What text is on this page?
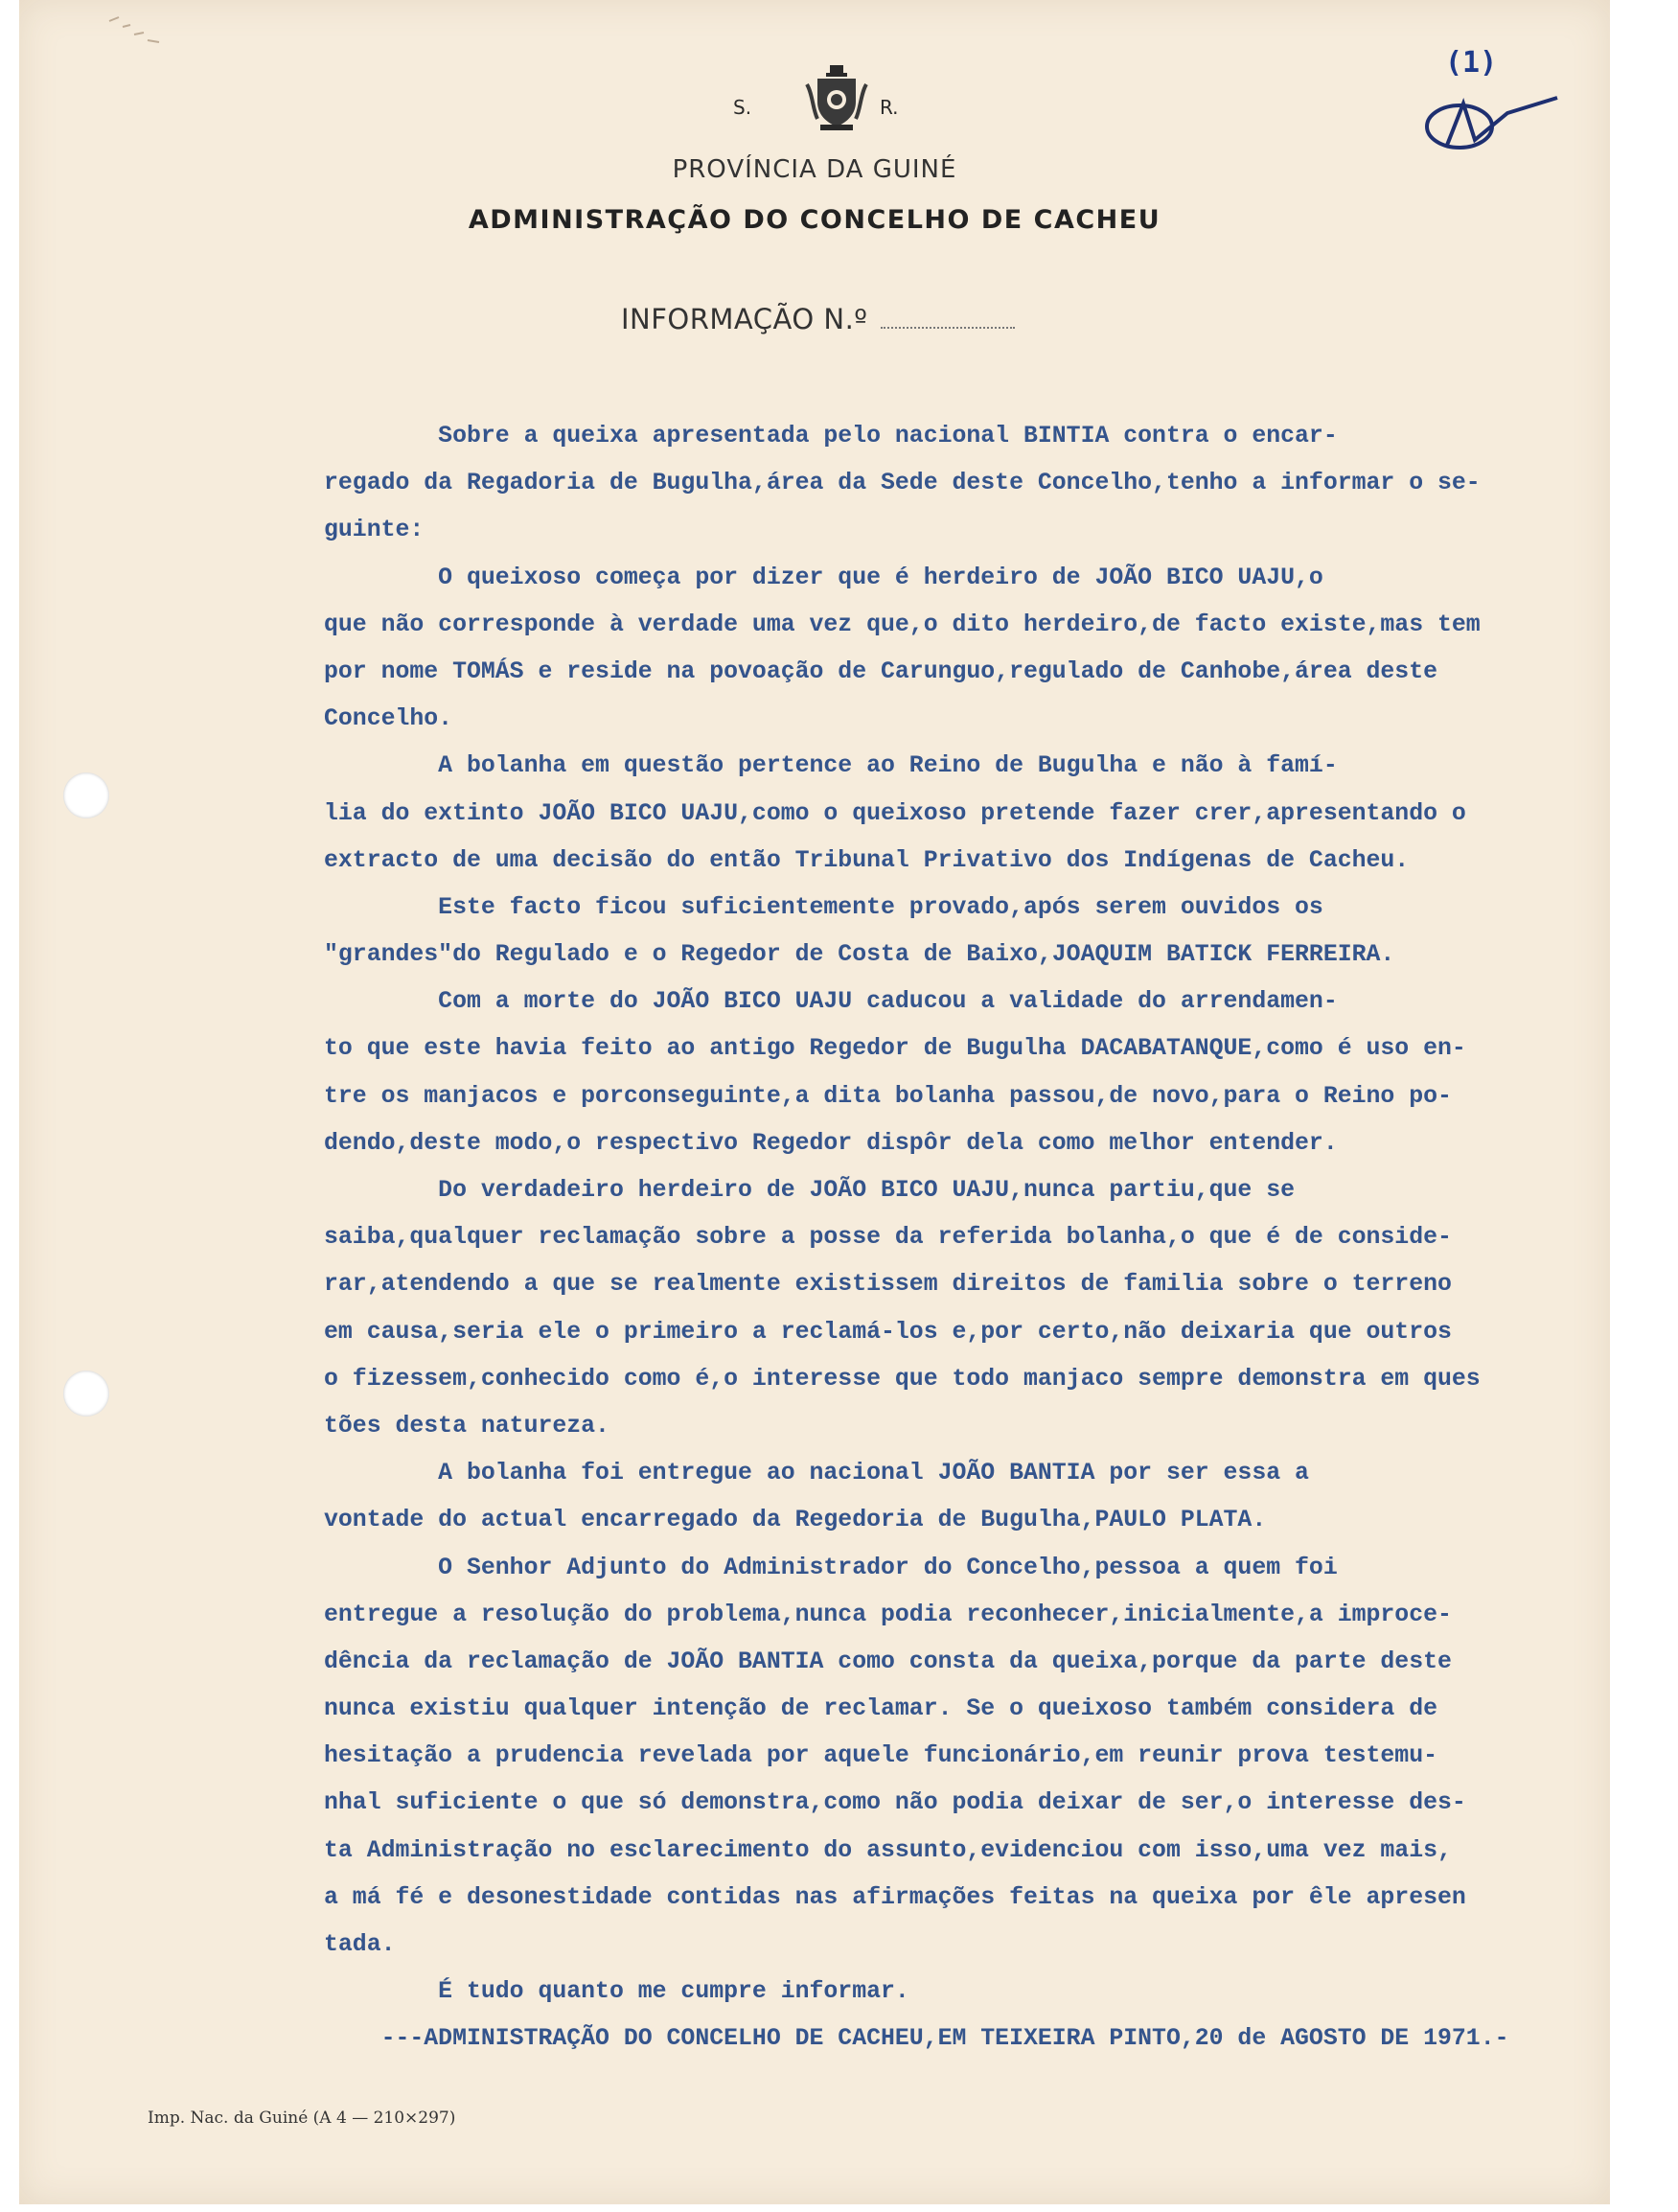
S.	R.
PROVÍNCIA DA GUINÉ
ADMINISTRAÇÃO DO CONCELHO DE CACHEU
INFORMAÇÃO N.º
(1)
Sobre a queixa apresentada pelo nacional BINTIA contra o encar-
regado da Regadoria de Bugulha,área da Sede deste Concelho,tenho a informar o se-
guinte:
O queixoso começa por dizer que é herdeiro de JOÃO BICO UAJU,o
que não corresponde à verdade uma vez que,o dito herdeiro,de facto existe,mas tem
por nome TOMÁS e reside na povoação de Carunguo,regulado de Canhobe,área deste
Concelho.
A bolanha em questão pertence ao Reino de Bugulha e não à famí-
lia do extinto JOÃO BICO UAJU,como o queixoso pretende fazer crer,apresentando o
extracto de uma decisão do então Tribunal Privativo dos Indígenas de Cacheu.
Este facto ficou suficientemente provado,após serem ouvidos os
"grandes"do Regulado e o Regedor de Costa de Baixo,JOAQUIM BATICK FERREIRA.
Com a morte do JOÃO BICO UAJU caducou a validade do arrendamen-
to que este havia feito ao antigo Regedor de Bugulha DACABATANQUE,como é uso en-
tre os manjacos e porconseguinte,a dita bolanha passou,de novo,para o Reino po-
dendo,deste modo,o respectivo Regedor dispôr dela como melhor entender.
Do verdadeiro herdeiro de JOÃO BICO UAJU,nunca partiu,que se
saiba,qualquer reclamação sobre a posse da referida bolanha,o que é de conside-
rar,atendendo a que se realmente existissem direitos de familia sobre o terreno
em causa,seria ele o primeiro a reclamá-los e,por certo,não deixaria que outros
o fizessem,conhecido como é,o interesse que todo manjaco sempre demonstra em ques
tões desta natureza.
A bolanha foi entregue ao nacional JOÃO BANTIA por ser essa a
vontade do actual encarregado da Regedoria de Bugulha,PAULO PLATA.
O Senhor Adjunto do Administrador do Concelho,pessoa a quem foi
entregue a resolução do problema,nunca podia reconhecer,inicialmente,a improce-
dência da reclamação de JOÃO BANTIA como consta da queixa,porque da parte deste
nunca existiu qualquer intenção de reclamar. Se o queixoso também considera de
hesitação a prudencia revelada por aquele funcionário,em reunir prova testemu-
nhal suficiente o que só demonstra,como não podia deixar de ser,o interesse des-
ta Administração no esclarecimento do assunto,evidenciou com isso,uma vez mais,
a má fé e desonestidade contidas nas afirmações feitas na queixa por êle apresen
tada.
É tudo quanto me cumpre informar.
---ADMINISTRAÇÃO DO CONCELHO DE CACHEU,EM TEIXEIRA PINTO,20 de AGOSTO DE 1971.-
Imp. Nac. da Guiné (A 4 — 210×297)
